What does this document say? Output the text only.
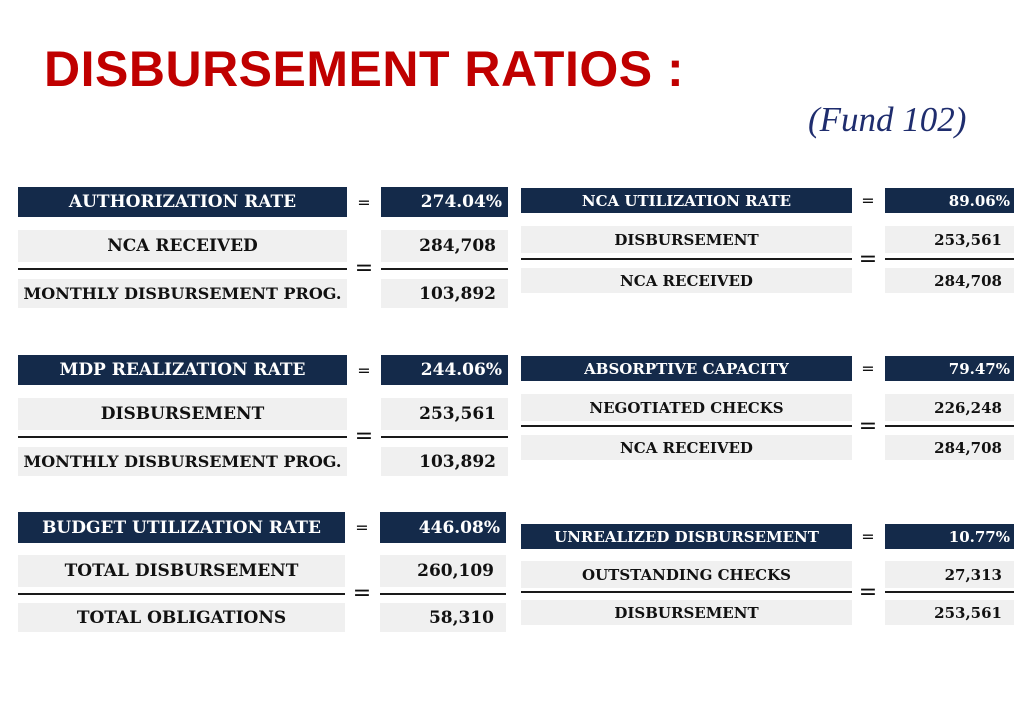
DISBURSEMENT RATIOS :
(Fund 102)
AUTHORIZATION RATE	=	274.04%
NCA RECEIVED	284,708
=
MONTHLY DISBURSEMENT PROG.	103,892
MDP REALIZATION RATE	=	244.06%
DISBURSEMENT	253,561
=
MONTHLY DISBURSEMENT PROG.	103,892
BUDGET UTILIZATION RATE	=	446.08%
TOTAL DISBURSEMENT	260,109
=
TOTAL OBLIGATIONS	58,310
NCA UTILIZATION RATE	=	89.06%
DISBURSEMENT	253,561
=
NCA RECEIVED	284,708
ABSORPTIVE CAPACITY	=	79.47%
NEGOTIATED CHECKS	226,248
=
NCA RECEIVED	284,708
UNREALIZED DISBURSEMENT	=	10.77%
OUTSTANDING CHECKS	27,313
=
DISBURSEMENT	253,561
